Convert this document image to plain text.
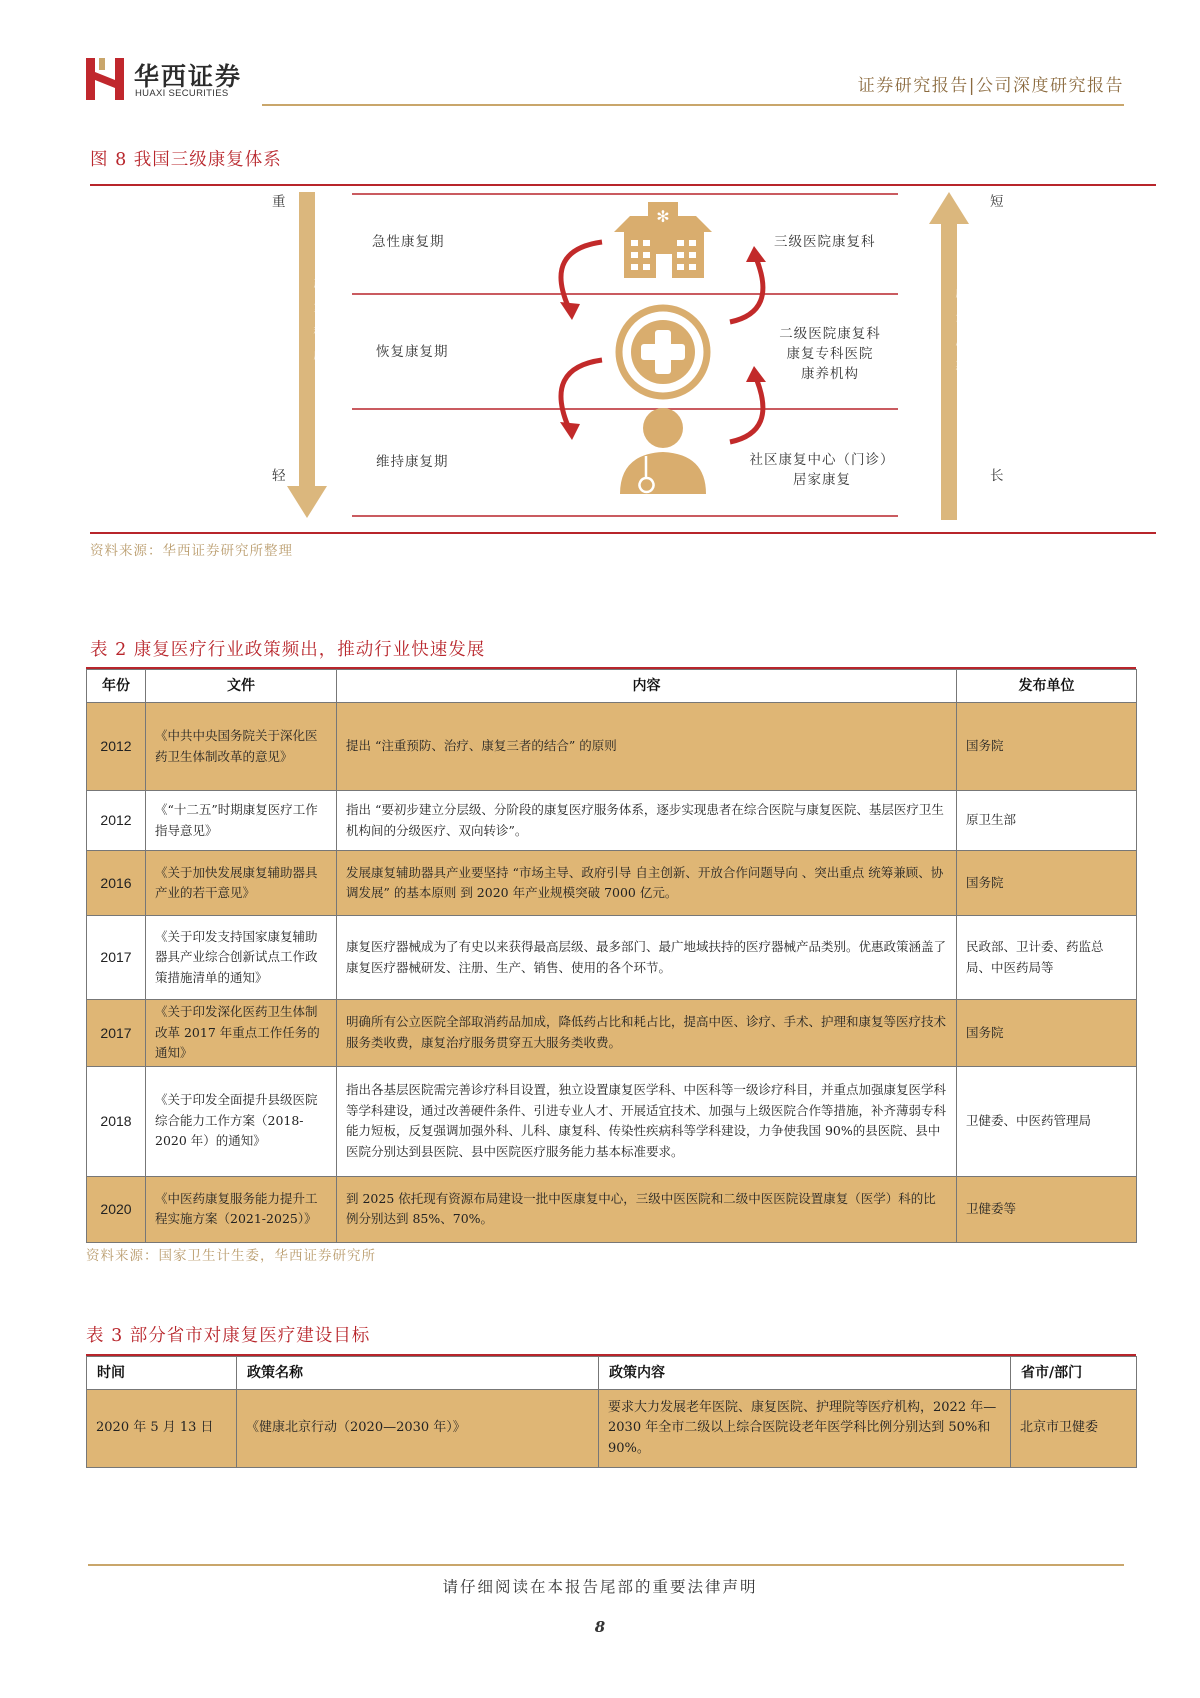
华西证券
HUAXI SECURITIES	证券研究报告|公司深度研究报告
图 8 我国三级康复体系
✻
重
轻
严重程度
短
长
康复周期
急性康复期
恢复康复期
维持康复期
三级医院康复科
二级医院康复科
康复专科医院
康养机构
社区康复中心（门诊）
居家康复
资料来源：华西证券研究所整理
表 2 康复医疗行业政策频出，推动行业快速发展
年份	文件	内容	发布单位
2012	《中共中央国务院关于深化医药卫生体制改革的意见》	提出 “注重预防、治疗、康复三者的结合” 的原则	国务院
2012	《“十二五”时期康复医疗工作指导意见》	指出 “要初步建立分层级、分阶段的康复医疗服务体系，逐步实现患者在综合医院与康复医院、基层医疗卫生机构间的分级医疗、双向转诊”。	原卫生部
2016	《关于加快发展康复辅助器具产业的若干意见》	发展康复辅助器具产业要坚持 “市场主导、政府引导 自主创新、开放合作问题导向 、突出重点 统筹兼顾、协调发展” 的基本原则 到 2020 年产业规模突破 7000 亿元。	国务院
2017	《关于印发支持国家康复辅助器具产业综合创新试点工作政策措施清单的通知》	康复医疗器械成为了有史以来获得最高层级、最多部门、最广地域扶持的医疗器械产品类别。优惠政策涵盖了康复医疗器械研发、注册、生产、销售、使用的各个环节。	民政部、卫计委、药监总局、中医药局等
2017	《关于印发深化医药卫生体制改革 2017 年重点工作任务的通知》	明确所有公立医院全部取消药品加成，降低药占比和耗占比，提高中医、诊疗、手术、护理和康复等医疗技术服务类收费，康复治疗服务贯穿五大服务类收费。	国务院
2018	《关于印发全面提升县级医院综合能力工作方案（2018-2020 年）的通知》	指出各基层医院需完善诊疗科目设置，独立设置康复医学科、中医科等一级诊疗科目，并重点加强康复医学科等学科建设，通过改善硬件条件、引进专业人才、开展适宜技术、加强与上级医院合作等措施，补齐薄弱专科能力短板，反复强调加强外科、儿科、康复科、传染性疾病科等学科建设，力争使我国 90%的县医院、县中医院分别达到县医院、县中医院医疗服务能力基本标准要求。	卫健委、中医药管理局
2020	《中医药康复服务能力提升工程实施方案（2021-2025）》	到 2025 依托现有资源布局建设一批中医康复中心，三级中医医院和二级中医医院设置康复（医学）科的比例分别达到 85%、70%。	卫健委等
资料来源：国家卫生计生委，华西证券研究所
表 3 部分省市对康复医疗建设目标
时间	政策名称	政策内容	省市/部门
2020 年 5 月 13 日	《健康北京行动（2020—2030 年）》	要求大力发展老年医院、康复医院、护理院等医疗机构，2022 年—2030 年全市二级以上综合医院设老年医学科比例分别达到 50%和 90%。	北京市卫健委
请仔细阅读在本报告尾部的重要法律声明
8
